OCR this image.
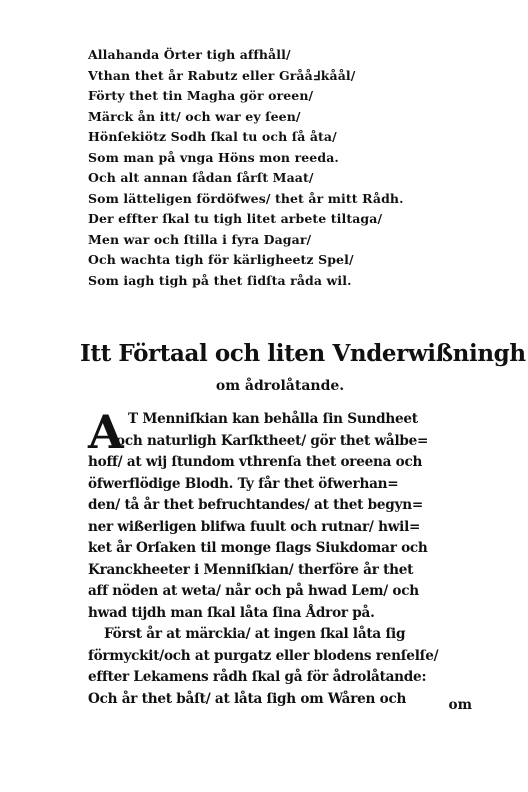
Allahanda Örter tigh affhåll/
Vthan thet år Rabutz eller Gråå߃kåål/
Förty thet tin Magha gör oreen/
Märck ån itt/ och war ey ſeen/
Hönſekiötz Sodh ſkal tu och ſå åta/
Som man på vnga Höns mon reeda.
Och alt annan ſådan ſårſt Maat/
Som lätteligen fördöfwes/ thet år mitt Rådh.
Der effter ſkal tu tigh litet arbete tiltaga/
Men war och ſtilla i fyra Dagar/
Och wachta tigh för kärligheetz Spel/
Som iagh tigh på thet ſidſta råda wil.
Itt Förtaal och liten Vnderwißningh
om ådrolåtande.
A T Menniſkian kan behålla ſin Sundheet
och naturligh Karſktheet/ gör thet wålbe=
hoff/ at wij ſtundom vthrenſa thet oreena och
öfwerflödige Blodh. Ty får thet öfwerhan=
den/ tå år thet befruchtandes/ at thet begyn=
ner wißerligen blifwa fuult och rutnar/ hwil=
ket år Orſaken til monge ſlags Siukdomar och
Kranckheeter i Menniſkian/ therföre år thet
aff nöden at weta/ når och på hwad Lem/ och
hwad tijdh man ſkal låta ſina Ådror på.
Först år at märckia/ at ingen ſkal låta ſig
förmyckit/och at purgatz eller blodens renſelſe/
effter Lekamens rådh ſkal gå för ådrolåtande:
Och år thet båſt/ at låta ſigh om Wåren och	om
